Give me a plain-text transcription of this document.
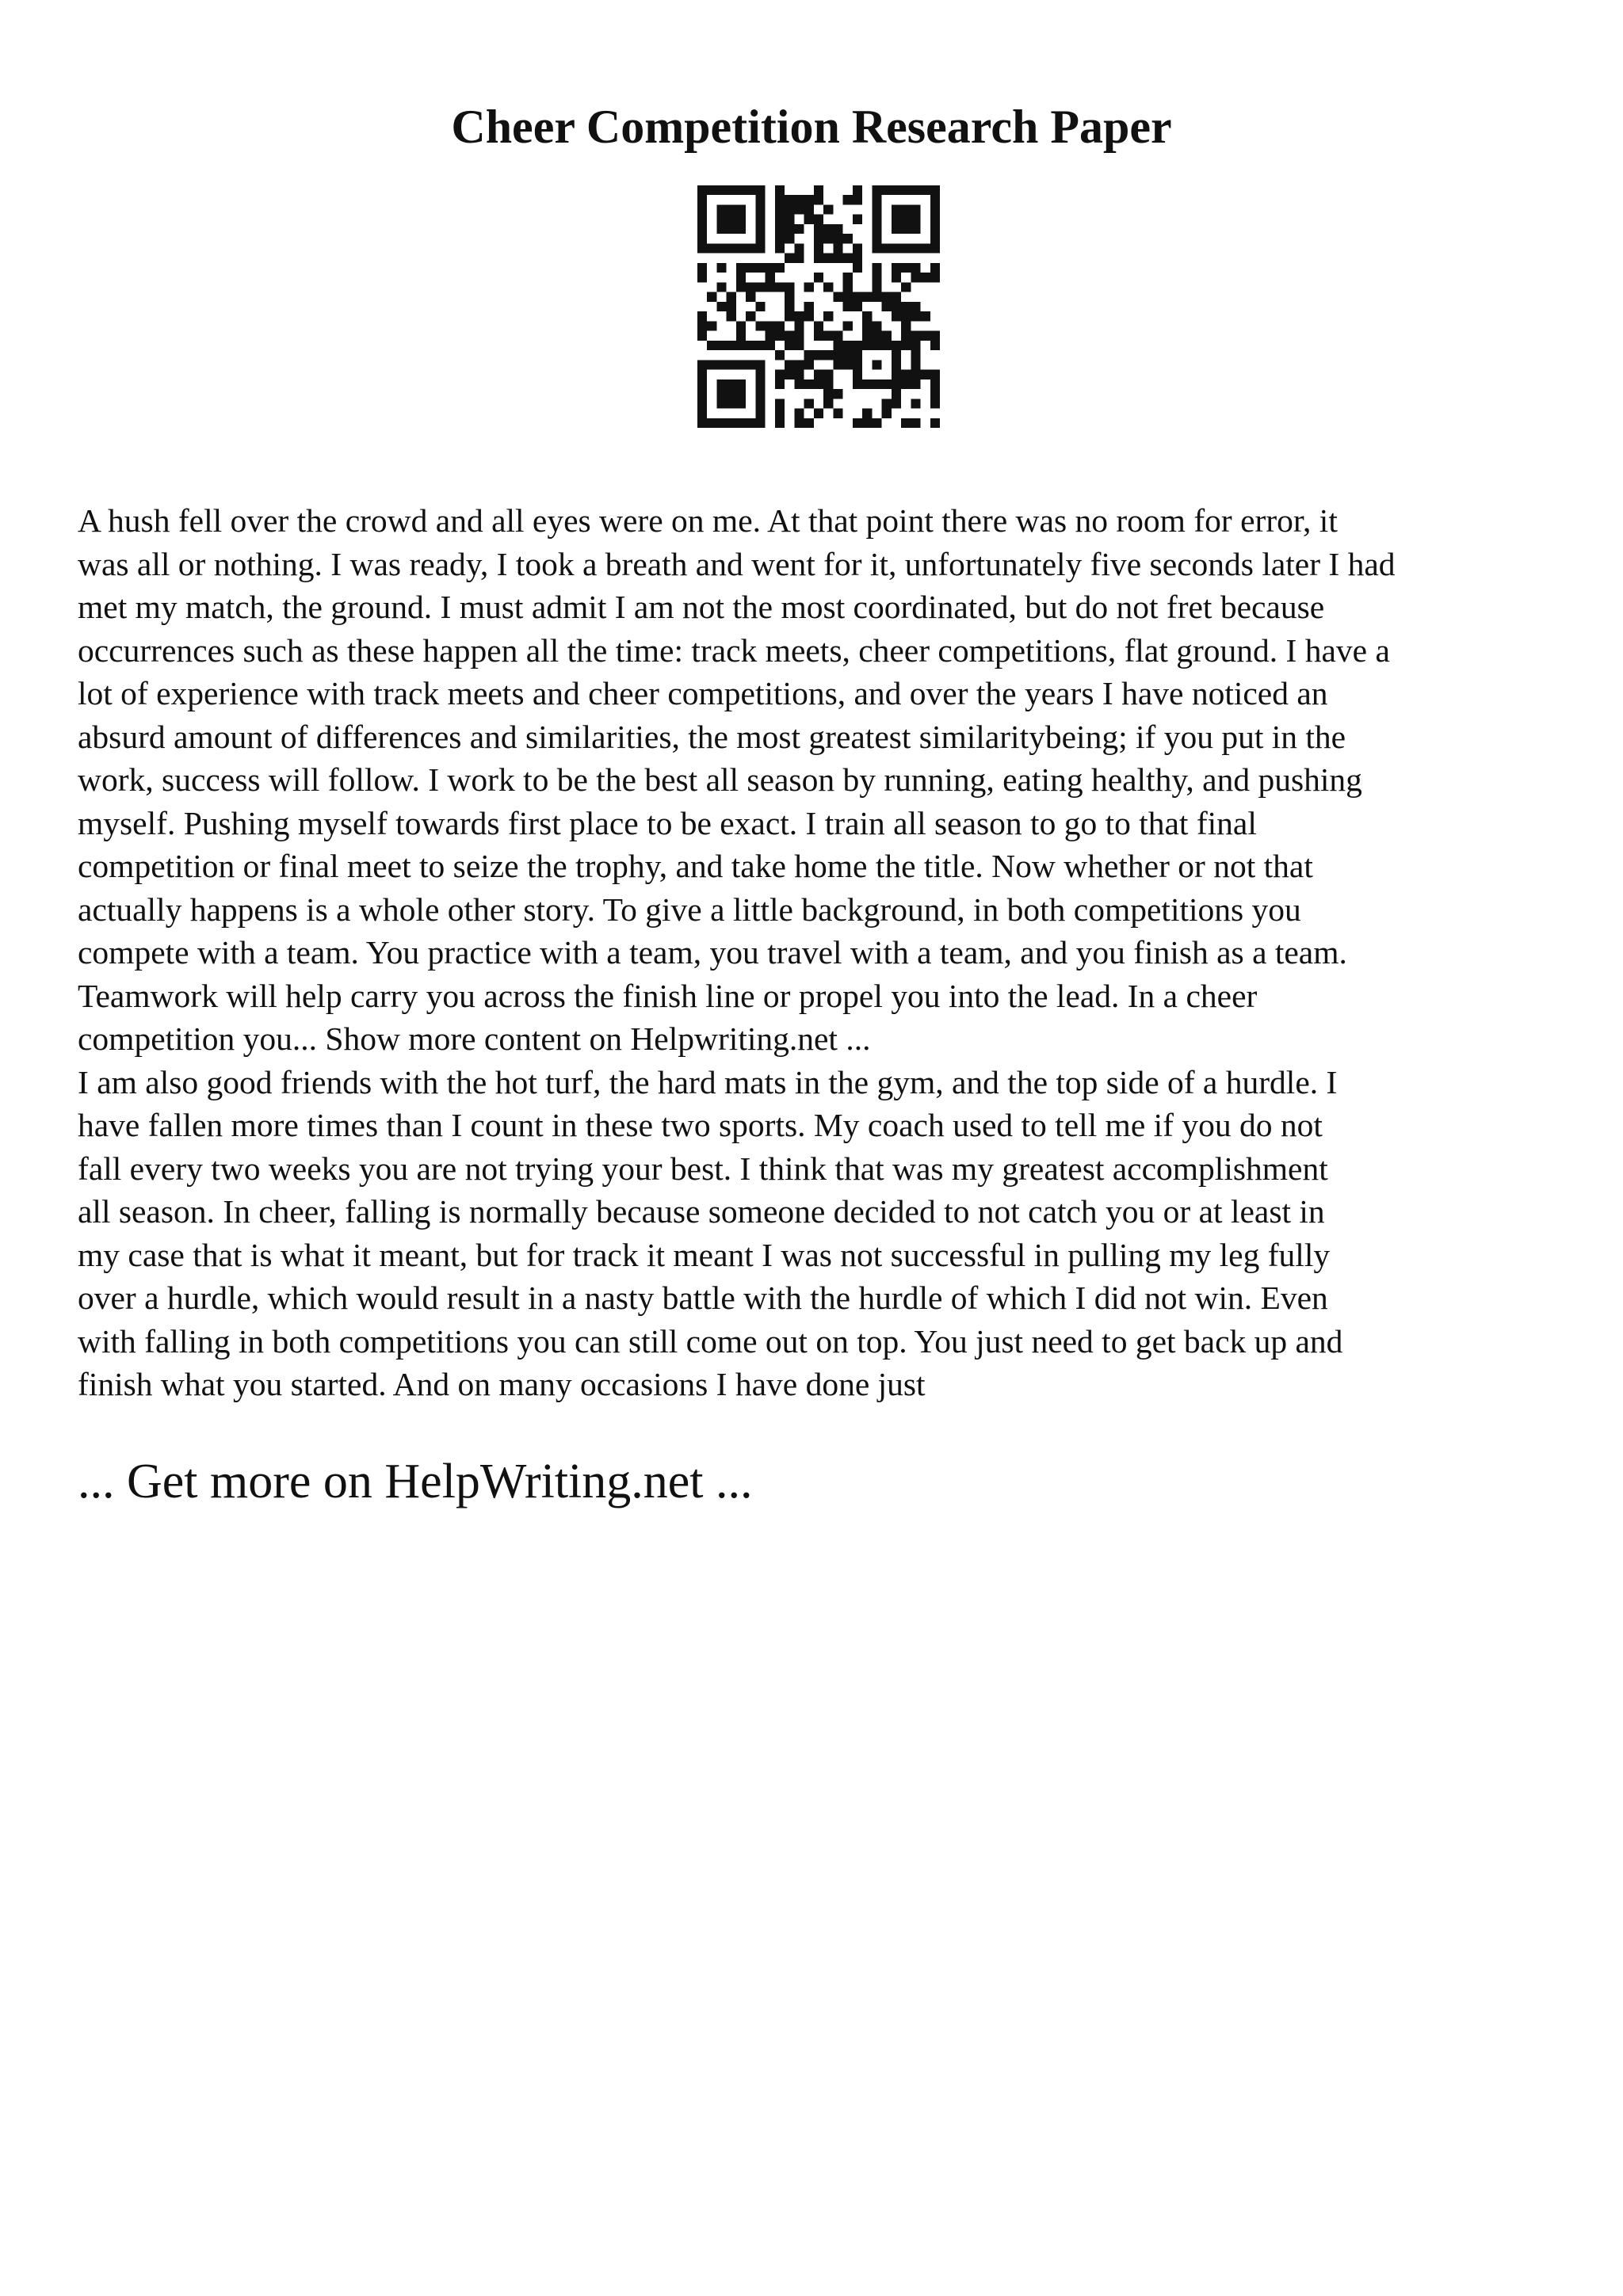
Cheer Competition Research Paper
A hush fell over the crowd and all eyes were on me. At that point there was no room for error, it
was all or nothing. I was ready, I took a breath and went for it, unfortunately five seconds later I had
met my match, the ground. I must admit I am not the most coordinated, but do not fret because
occurrences such as these happen all the time: track meets, cheer competitions, flat ground. I have a
lot of experience with track meets and cheer competitions, and over the years I have noticed an
absurd amount of differences and similarities, the most greatest similaritybeing; if you put in the
work, success will follow. I work to be the best all season by running, eating healthy, and pushing
myself. Pushing myself towards first place to be exact. I train all season to go to that final
competition or final meet to seize the trophy, and take home the title. Now whether or not that
actually happens is a whole other story. To give a little background, in both competitions you
compete with a team. You practice with a team, you travel with a team, and you finish as a team.
Teamwork will help carry you across the finish line or propel you into the lead. In a cheer
competition you... Show more content on Helpwriting.net ...
I am also good friends with the hot turf, the hard mats in the gym, and the top side of a hurdle. I
have fallen more times than I count in these two sports. My coach used to tell me if you do not
fall every two weeks you are not trying your best. I think that was my greatest accomplishment
all season. In cheer, falling is normally because someone decided to not catch you or at least in
my case that is what it meant, but for track it meant I was not successful in pulling my leg fully
over a hurdle, which would result in a nasty battle with the hurdle of which I did not win. Even
with falling in both competitions you can still come out on top. You just need to get back up and
finish what you started. And on many occasions I have done just

... Get more on HelpWriting.net ...
